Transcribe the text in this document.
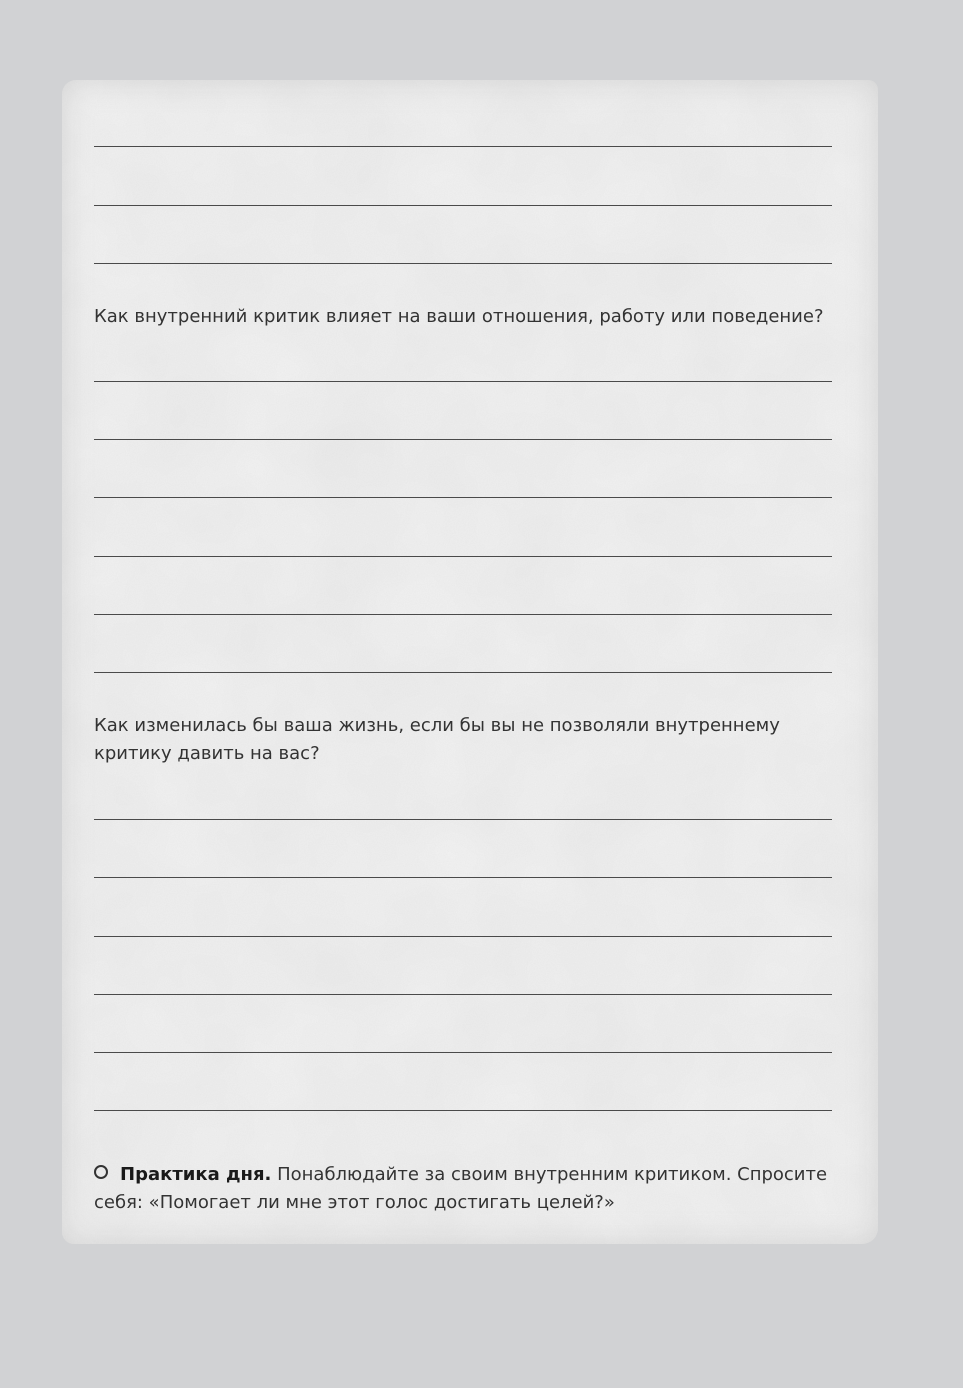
Как внутренний критик влияет на ваши отношения, работу или поведение?

Как изменилась бы ваша жизнь, если бы вы не позволяли внутреннему критику давить на вас?

Практика дня. Понаблюдайте за своим внутренним критиком. Спросите себя: «Помогает ли мне этот голос достигать целей?»
